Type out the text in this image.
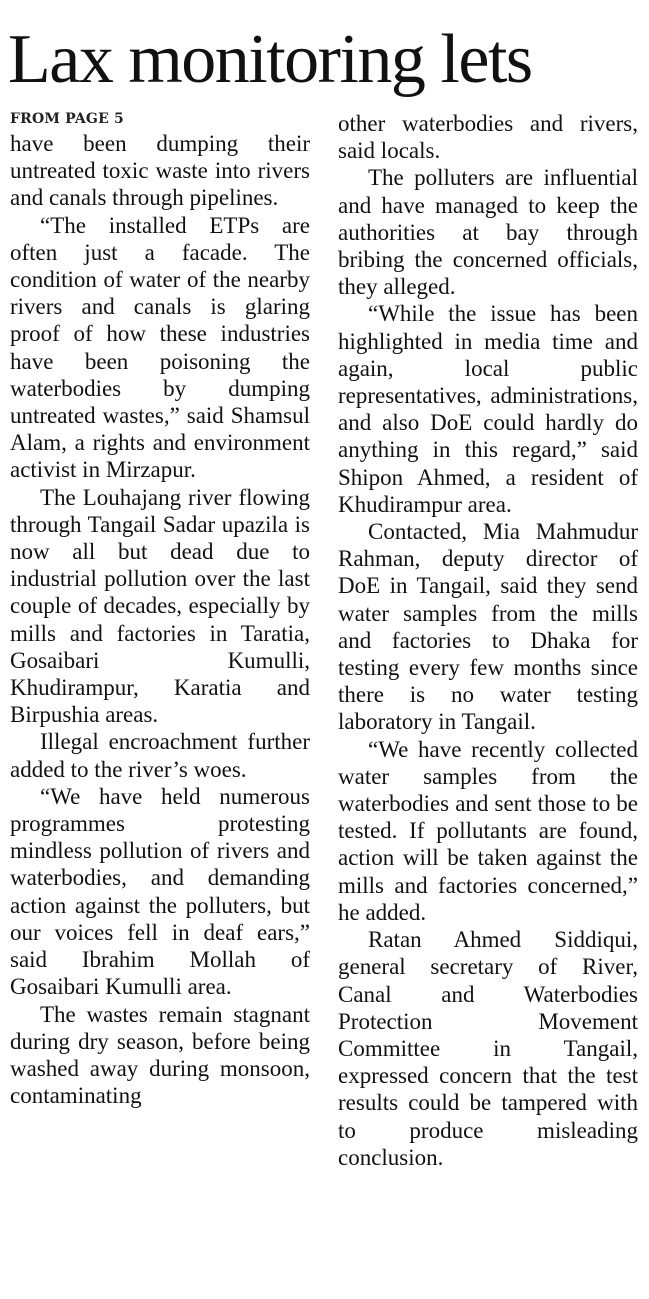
Lax monitoring lets
FROM PAGE 5

have been dumping their untreated toxic waste into rivers and canals through pipelines.

“The installed ETPs are often just a facade. The condition of water of the nearby rivers and canals is glaring proof of how these industries have been poisoning the waterbodies by dumping untreated wastes,” said Shamsul Alam, a rights and environment activist in Mirzapur.

The Louhajang river flowing through Tangail Sadar upazila is now all but dead due to industrial pollution over the last couple of decades, especially by mills and factories in Taratia, Gosaibari Kumulli, Khudirampur, Karatia and Birpushia areas.

Illegal encroachment further added to the river’s woes.

“We have held numerous programmes protesting mindless pollution of rivers and waterbodies, and demanding action against the polluters, but our voices fell in deaf ears,” said Ibrahim Mollah of Gosaibari Kumulli area.

The wastes remain stagnant during dry season, before being washed away during monsoon, contaminating

other waterbodies and rivers, said locals.

The polluters are influential and have managed to keep the authorities at bay through bribing the concerned officials, they alleged.

“While the issue has been highlighted in media time and again, local public representatives, administrations, and also DoE could hardly do anything in this regard,” said Shipon Ahmed, a resident of Khudirampur area.

Contacted, Mia Mahmudur Rahman, deputy director of DoE in Tangail, said they send water samples from the mills and factories to Dhaka for testing every few months since there is no water testing laboratory in Tangail.

“We have recently collected water samples from the waterbodies and sent those to be tested. If pollutants are found, action will be taken against the mills and factories concerned,” he added.

Ratan Ahmed Siddiqui, general secretary of River, Canal and Waterbodies Protection Movement Committee in Tangail, expressed concern that the test results could be tampered with to produce misleading conclusion.
